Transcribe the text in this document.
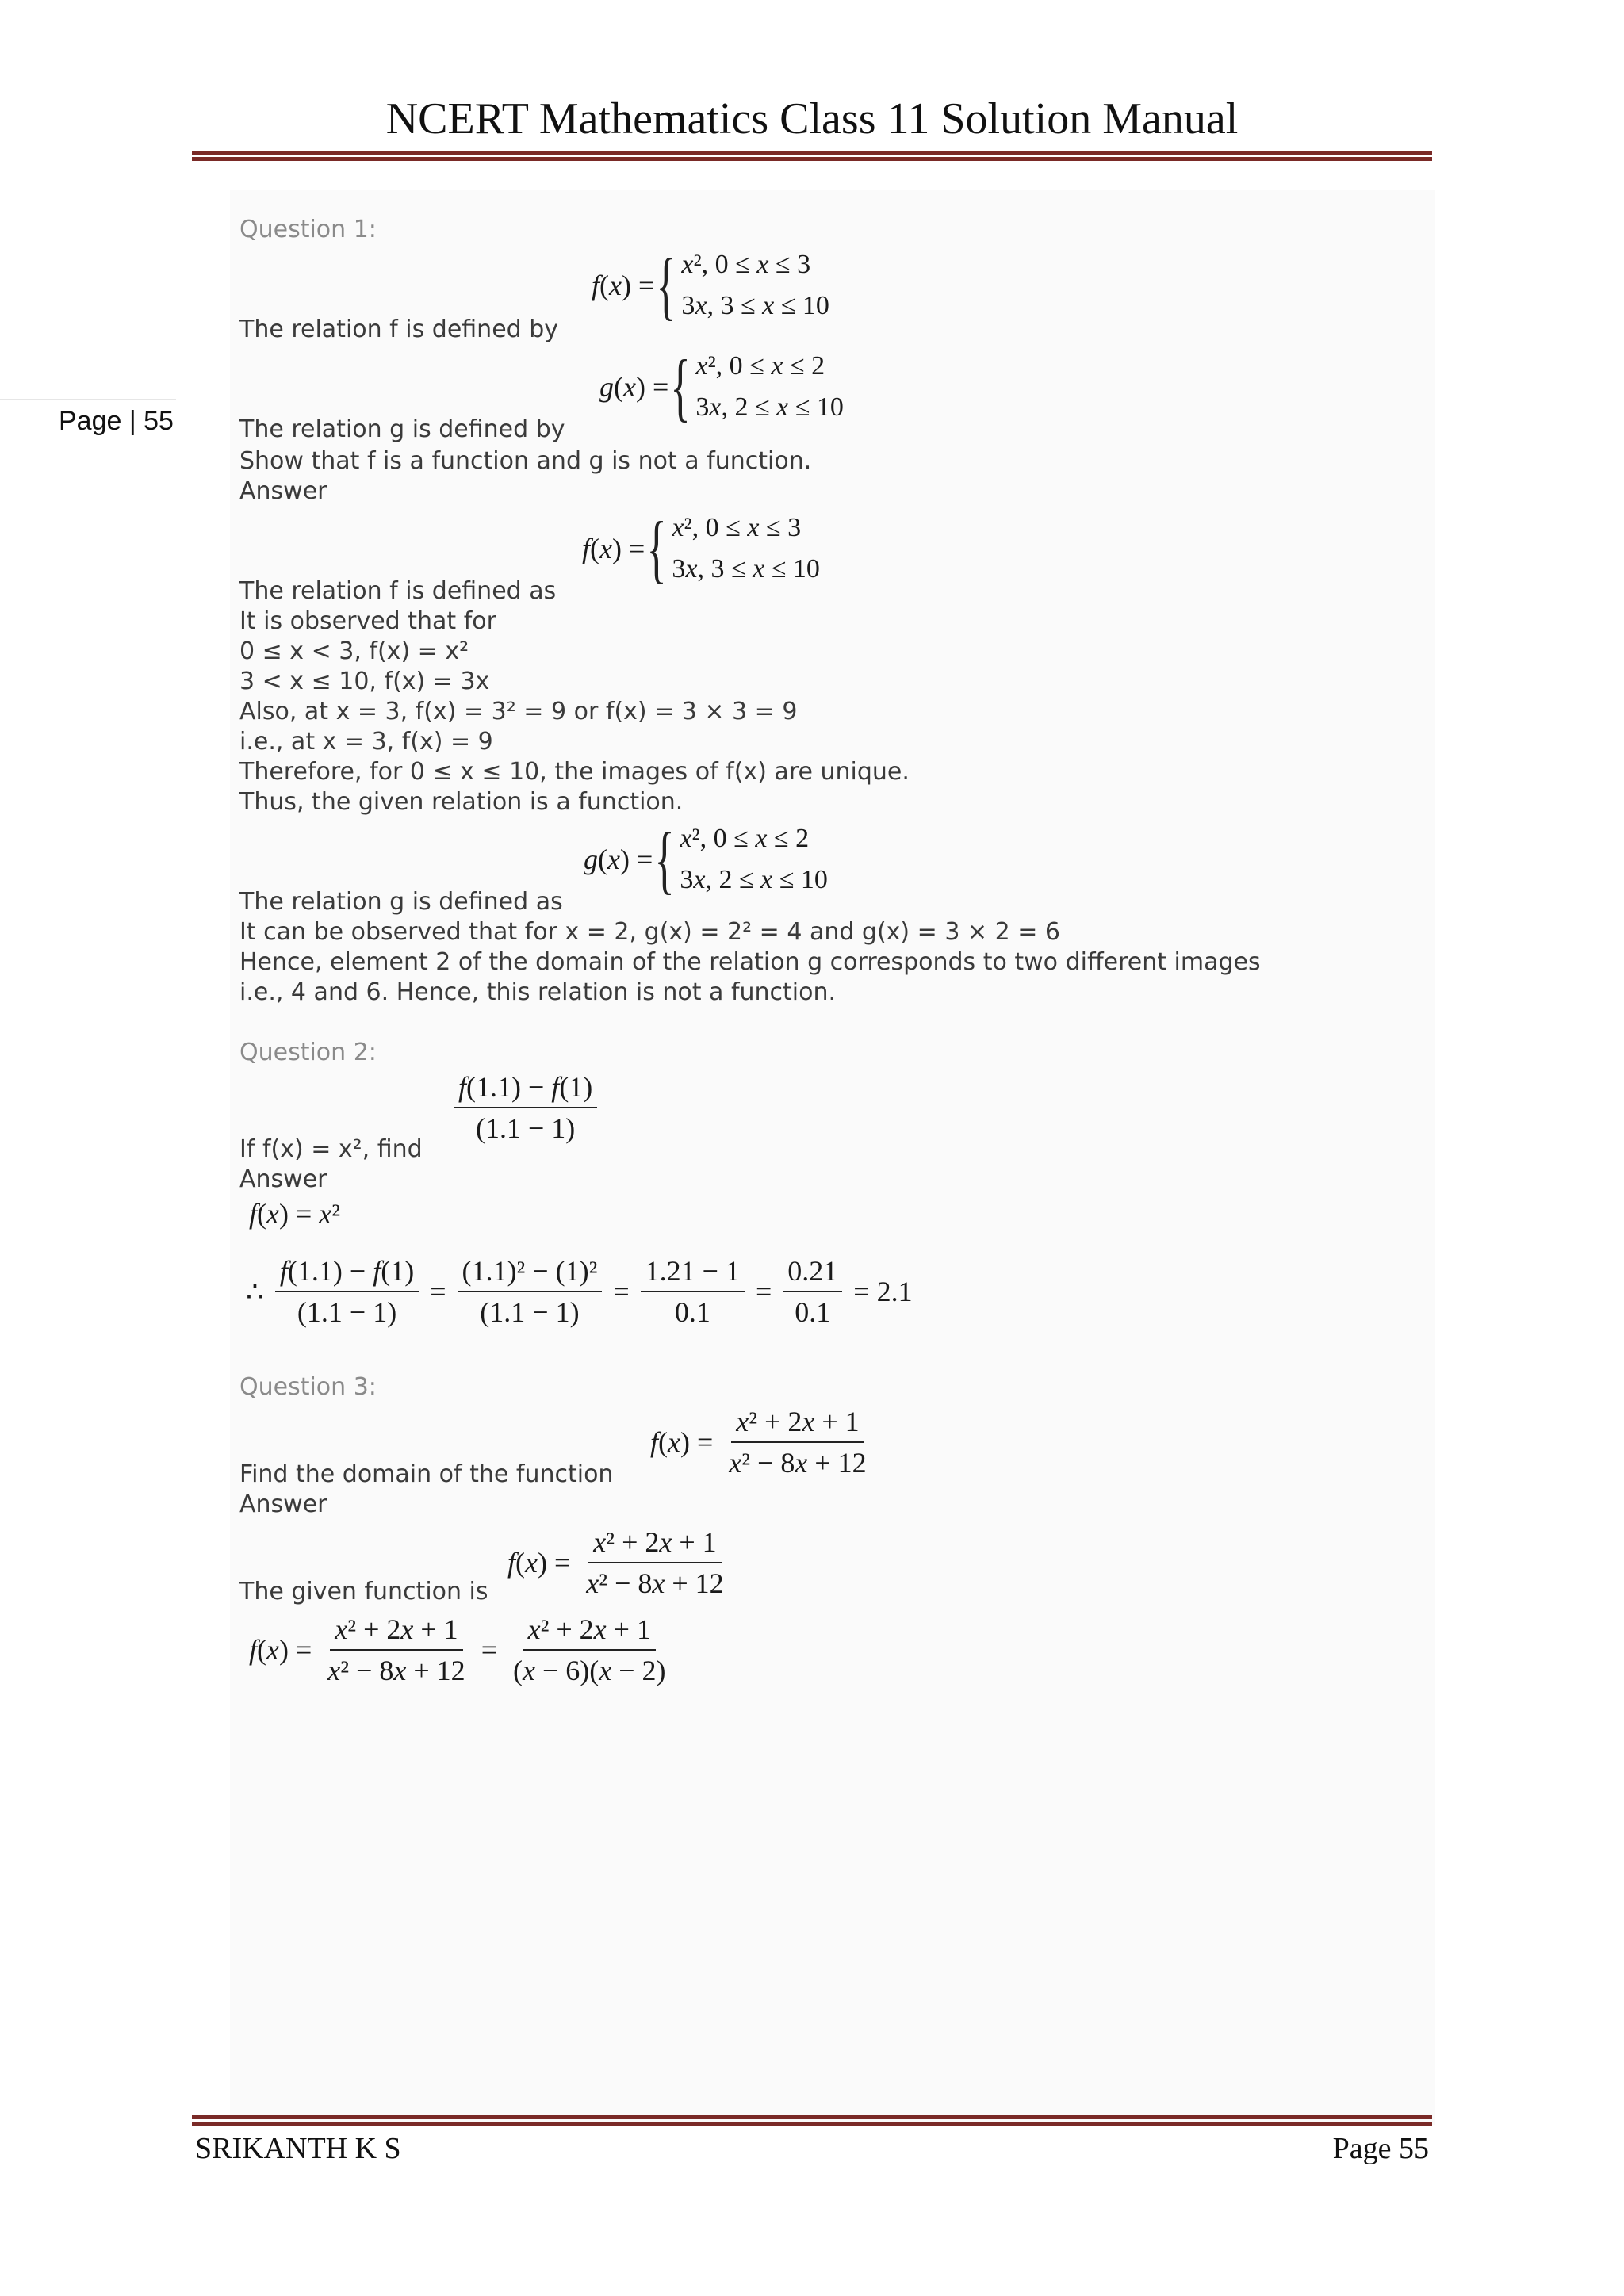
NCERT Mathematics Class 11 Solution Manual
Page | 55
Question 1:
f(x) = { x², 0 ≤ x ≤ 3
3x, 3 ≤ x ≤ 10
The relation f is defined by
g(x) = { x², 0 ≤ x ≤ 2
3x, 2 ≤ x ≤ 10
The relation g is defined by
Show that f is a function and g is not a function.
Answer
f(x) = { x², 0 ≤ x ≤ 3
3x, 3 ≤ x ≤ 10
The relation f is defined as
It is observed that for
0 ≤ x < 3, f(x) = x²
3 < x ≤ 10, f(x) = 3x
Also, at x = 3, f(x) = 3² = 9 or f(x) = 3 × 3 = 9
i.e., at x = 3, f(x) = 9
Therefore, for 0 ≤ x ≤ 10, the images of f(x) are unique.
Thus, the given relation is a function.
g(x) = { x², 0 ≤ x ≤ 2
3x, 2 ≤ x ≤ 10
The relation g is defined as
It can be observed that for x = 2, g(x) = 2² = 4 and g(x) = 3 × 2 = 6
Hence, element 2 of the domain of the relation g corresponds to two different images
i.e., 4 and 6. Hence, this relation is not a function.
Question 2:
$\frac{f(1.1) - f(1)}{(1.1 - 1)}$
If f(x) = x², find
Answer
f(x) = x²
∴ $\frac{f(1.1) - f(1)}{(1.1 - 1)} = \frac{\text{(1.1)² − (1)²}}{(1.1 - 1)} = \frac{1.21 - 1}{0.1} = \frac{0.21}{0.1} = 2.1$
Question 3:
$f(x) = \frac{\text{x² + 2x + 1}}{\text{x² − 8x + 12}}$
Find the domain of the function
Answer
$f(x) = \frac{\text{x² + 2x + 1}}{\text{x² − 8x + 12}}$
The given function is
$f(x) = \frac{\text{x² + 2x + 1}}{\text{x² − 8x + 12}} = \frac{\text{x² + 2x + 1}}{(x - 6)(x - 2)}$
SRIKANTH K S	Page 55
